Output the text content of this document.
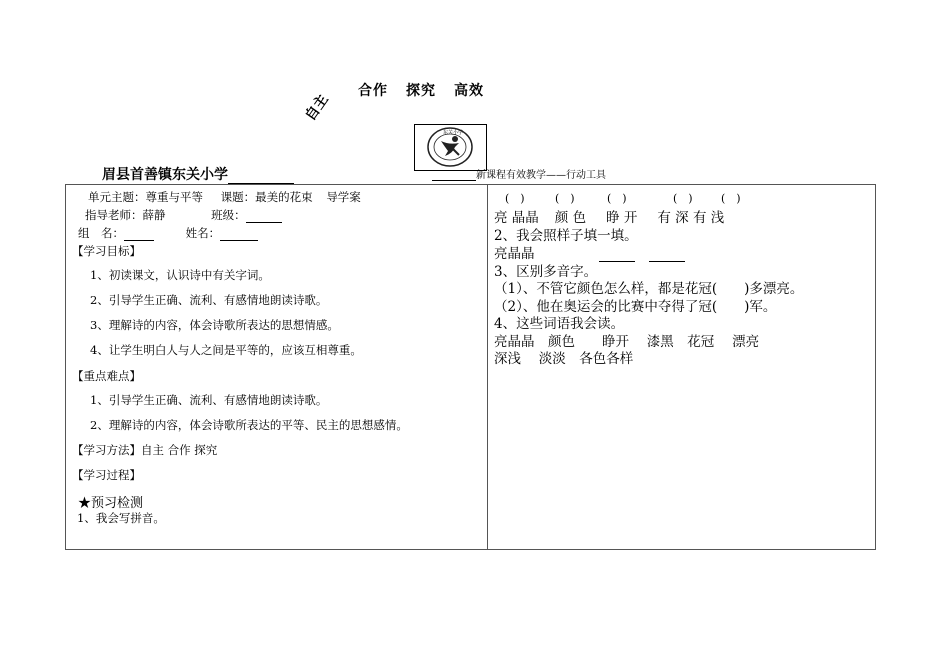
合作 探究 高效
自主
东关小学
眉县首善镇东关小学	新课程有效教学——行动工具
单元主题：尊重与平等 课题：最美的花束 导学案
指导老师：薛静	班级：
组　名：	姓名：
【学习目标】
1、初读课文，认识诗中有关字词。
2、引导学生正确、流利、有感情地朗读诗歌。
3、理解诗的内容，体会诗歌所表达的思想情感。
4、让学生明白人与人之间是平等的，应该互相尊重。
【重点难点】
1、引导学生正确、流利、有感情地朗读诗歌。
2、理解诗的内容，体会诗歌所表达的平等、民主的思想感情。
【学习方法】自主 合作 探究
【学习过程】
★预习检测
1、我会写拼音。
(　)	(　)	(　)	(　)	(　)
亮 晶晶 颜 色 睁 开 有 深 有 浅
2、我会照样子填一填。
亮晶晶
3、区别多音字。
（1）、不管它颜色怎么样，都是花冠(　　)多漂亮。
（2）、他在奥运会的比赛中夺得了冠(　　)军。
4、这些词语我会读。
亮晶晶　颜色　　睁开　 漆黑　花冠　 漂亮
深浅　 淡淡　各色各样
